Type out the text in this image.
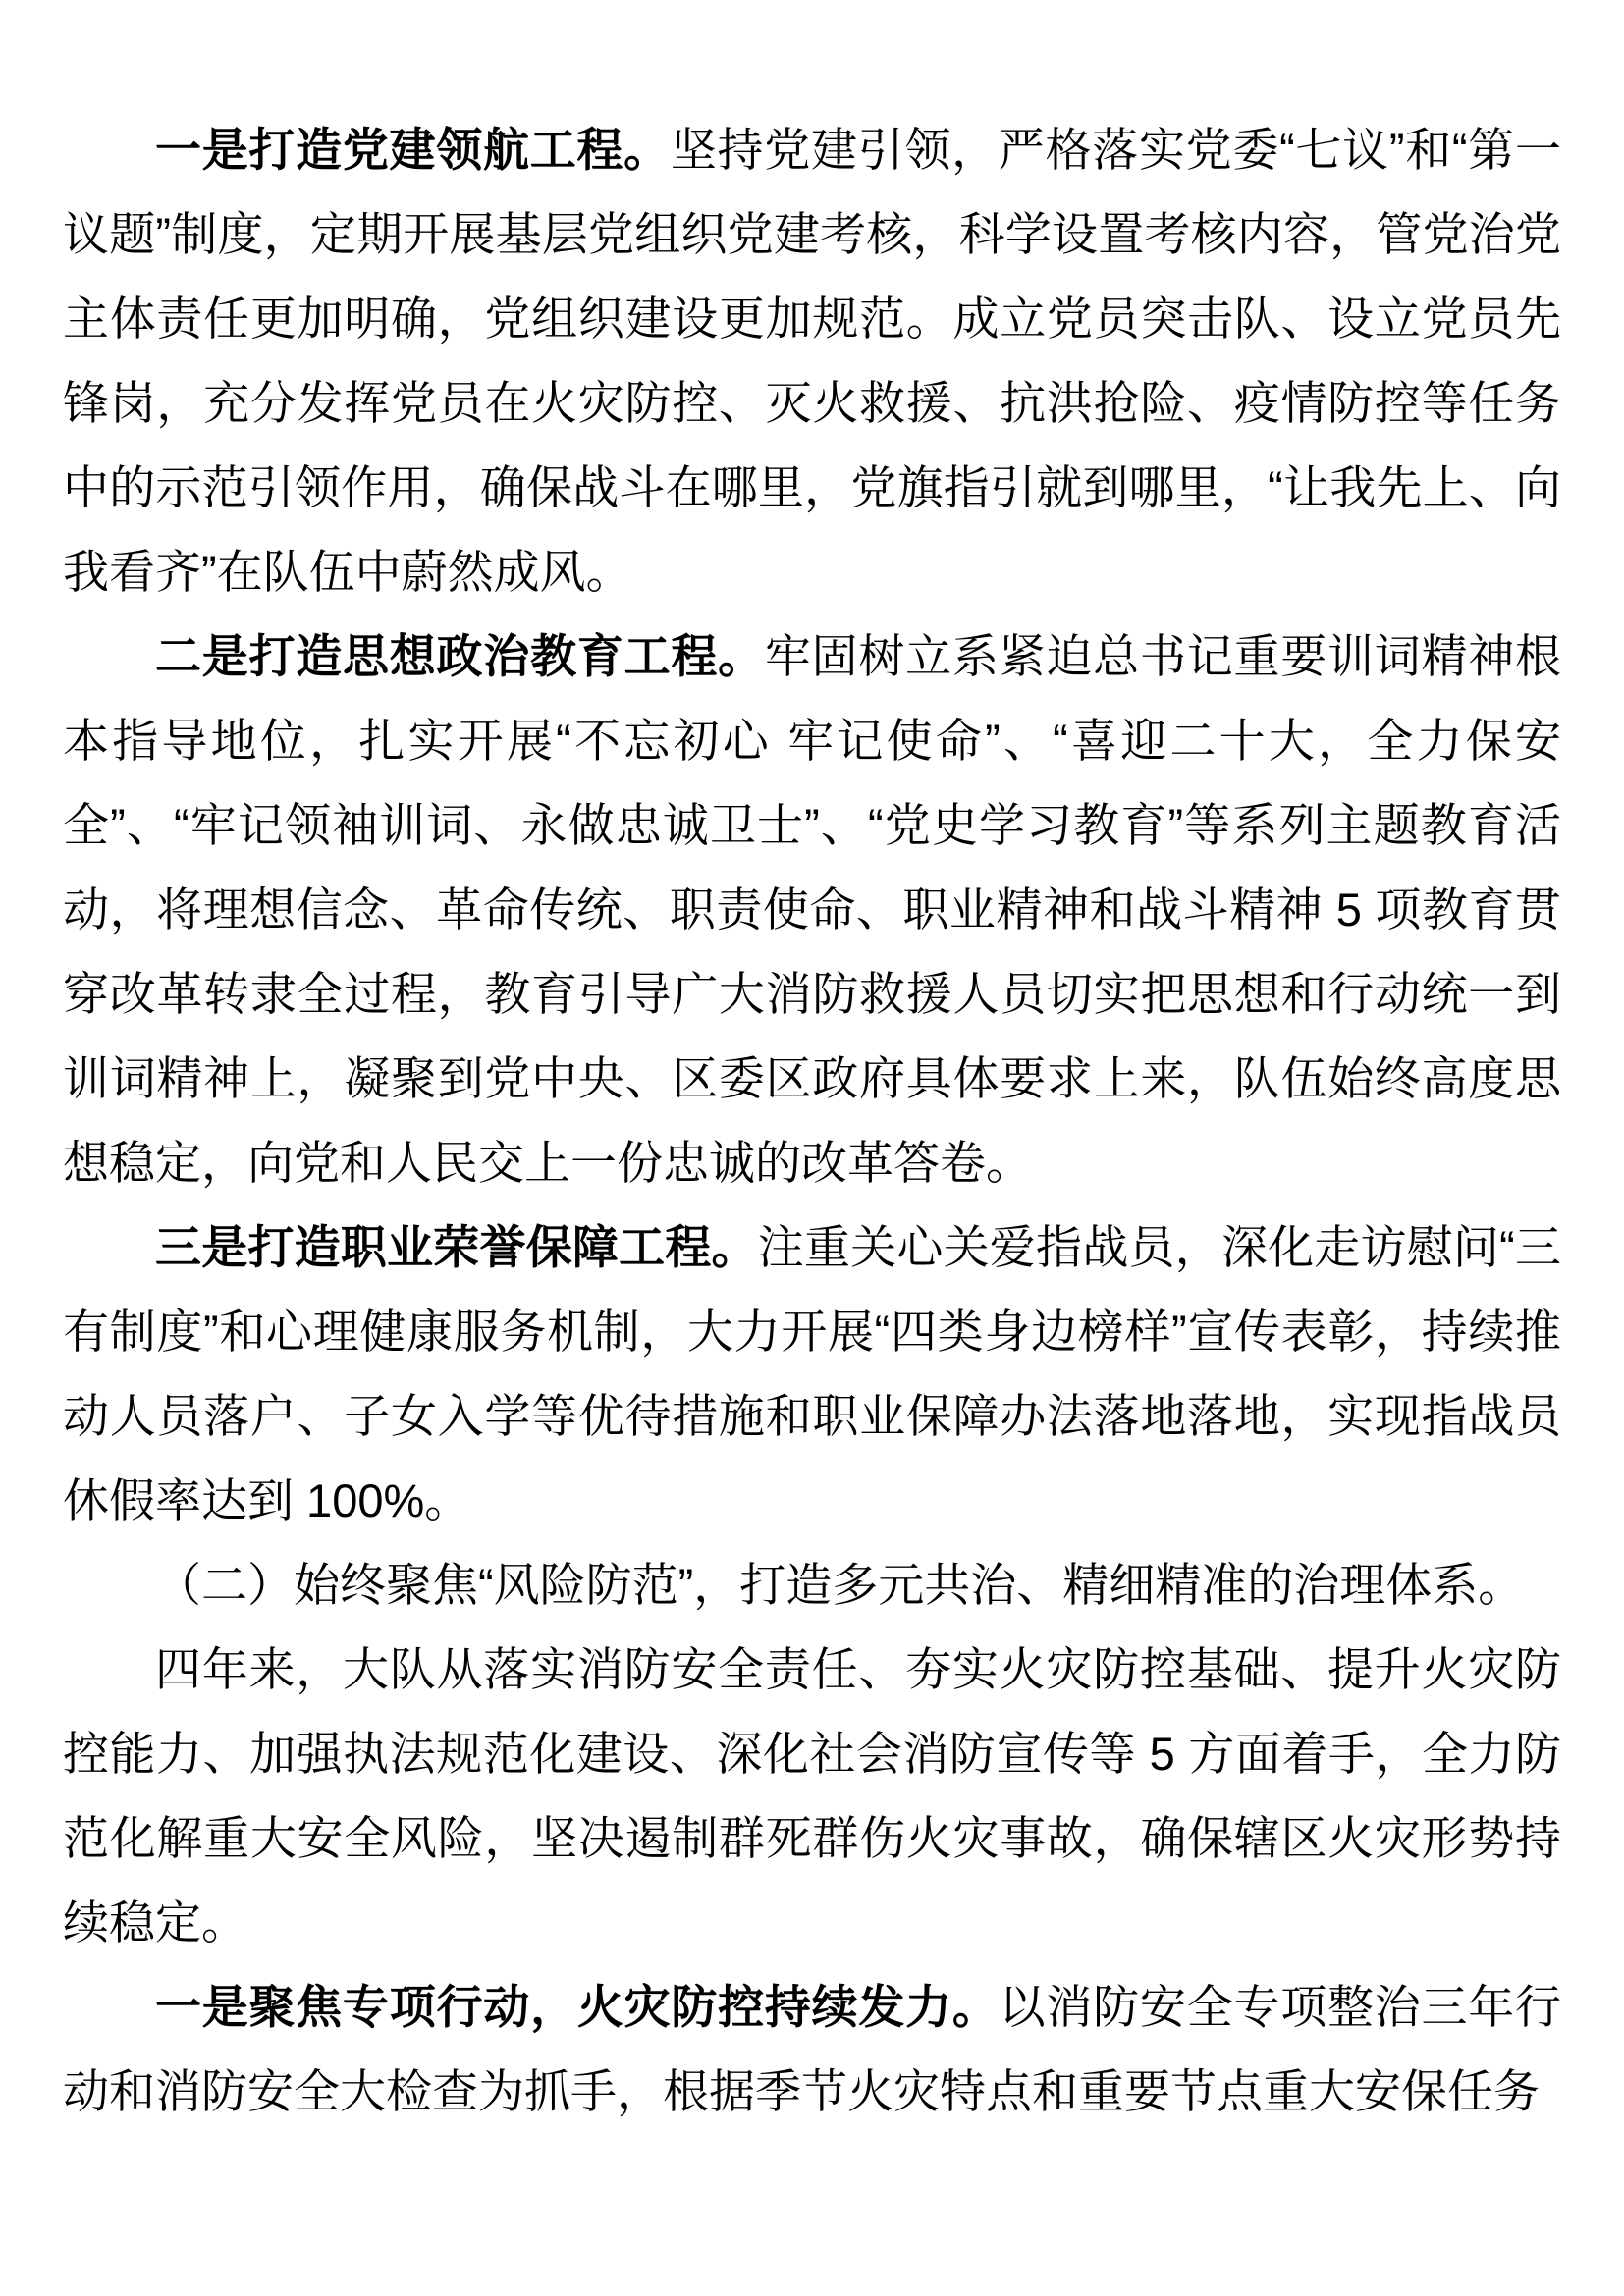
一是打造党建领航工程。坚持党建引领，严格落实党委“七议”和“第一议题”制度，定期开展基层党组织党建考核，科学设置考核内容，管党治党主体责任更加明确，党组织建设更加规范。成立党员突击队、设立党员先锋岗，充分发挥党员在火灾防控、灭火救援、抗洪抢险、疫情防控等任务中的示范引领作用，确保战斗在哪里，党旗指引就到哪里，“让我先上、向我看齐”在队伍中蔚然成风。

二是打造思想政治教育工程。牢固树立系紧迫总书记重要训词精神根本指导地位，扎实开展“不忘初心 牢记使命”、“喜迎二十大，全力保安全”、“牢记领袖训词、永做忠诚卫士”、“党史学习教育”等系列主题教育活动，将理想信念、革命传统、职责使命、职业精神和战斗精神 5 项教育贯穿改革转隶全过程，教育引导广大消防救援人员切实把思想和行动统一到训词精神上，凝聚到党中央、区委区政府具体要求上来，队伍始终高度思想稳定，向党和人民交上一份忠诚的改革答卷。

三是打造职业荣誉保障工程。注重关心关爱指战员，深化走访慰问“三有制度”和心理健康服务机制，大力开展“四类身边榜样”宣传表彰，持续推动人员落户、子女入学等优待措施和职业保障办法落地落地，实现指战员休假率达到 100%。

（二）始终聚焦“风险防范”，打造多元共治、精细精准的治理体系。

四年来，大队从落实消防安全责任、夯实火灾防控基础、提升火灾防控能力、加强执法规范化建设、深化社会消防宣传等 5 方面着手，全力防范化解重大安全风险，坚决遏制群死群伤火灾事故，确保辖区火灾形势持续稳定。

一是聚焦专项行动，火灾防控持续发力。以消防安全专项整治三年行动和消防安全大检查为抓手，根据季节火灾特点和重要节点重大安保任务
